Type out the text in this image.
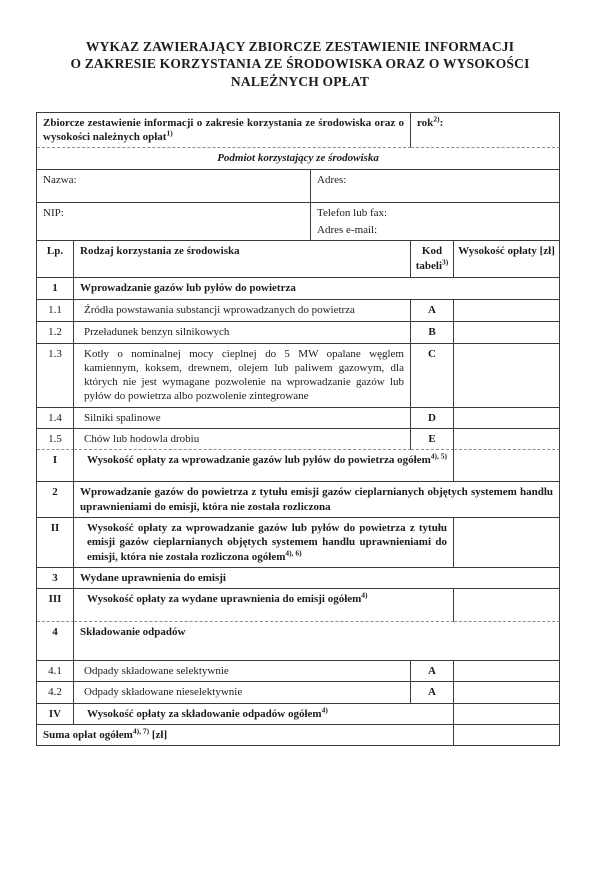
WYKAZ ZAWIERAJĄCY ZBIORCZE ZESTAWIENIE INFORMACJI
O ZAKRESIE KORZYSTANIA ZE ŚRODOWISKA ORAZ O WYSOKOŚCI
NALEŻNYCH OPŁAT
Zbiorcze zestawienie informacji o zakresie korzystania ze środowiska oraz o wysokości należnych opłat$^{1)}$			rok$^{2)}$:	
Podmiot korzystający ze środowiska				
Nazwa:		Adres:		
NIP:		Telefon lub fax:
Adres e-mail:		

Lp.	Rodzaj korzystania ze środowiska		Kod tabeli$^{3)}$	Wysokość opłaty [zł]
1	Wprowadzanie gazów lub pyłów do powietrza			
1.1	Źródła powstawania substancji wprowadzanych do powietrza		A	
1.2	Przeładunek benzyn silnikowych		B	
1.3	Kotły o nominalnej mocy cieplnej do 5 MW opalane węglem kamiennym, koksem, drewnem, olejem lub paliwem gazowym, dla których nie jest wymagane pozwolenie na wprowadzanie gazów lub pyłów do powietrza albo pozwolenie zintegrowane		C	
1.4	Silniki spalinowe		D	
1.5	Chów lub hodowla drobiu		E	
I	Wysokość opłaty za wprowadzanie gazów lub pyłów do powietrza ogółem$^{4), 5)}$	
2	Wprowadzanie gazów do powietrza z tytułu emisji gazów cieplarnianych objętych systemem handlu uprawnieniami do emisji, która nie została rozliczona			
II	Wysokość opłaty za wprowadzanie gazów lub pyłów do powietrza z tytułu emisji gazów cieplarnianych objętych systemem handlu uprawnieniami do emisji, która nie została rozliczona ogółem$^{4), 6)}$	
3	Wydane uprawnienia do emisji			
III	Wysokość opłaty za wydane uprawnienia do emisji ogółem$^{4)}$	
4	Składowanie odpadów			
4.1	Odpady składowane selektywnie		A	
4.2	Odpady składowane nieselektywnie		A	
IV	Wysokość opłaty za składowanie odpadów ogółem$^{4)}$	
Suma opłat ogółem$^{4), 7)}$ [zł]				
